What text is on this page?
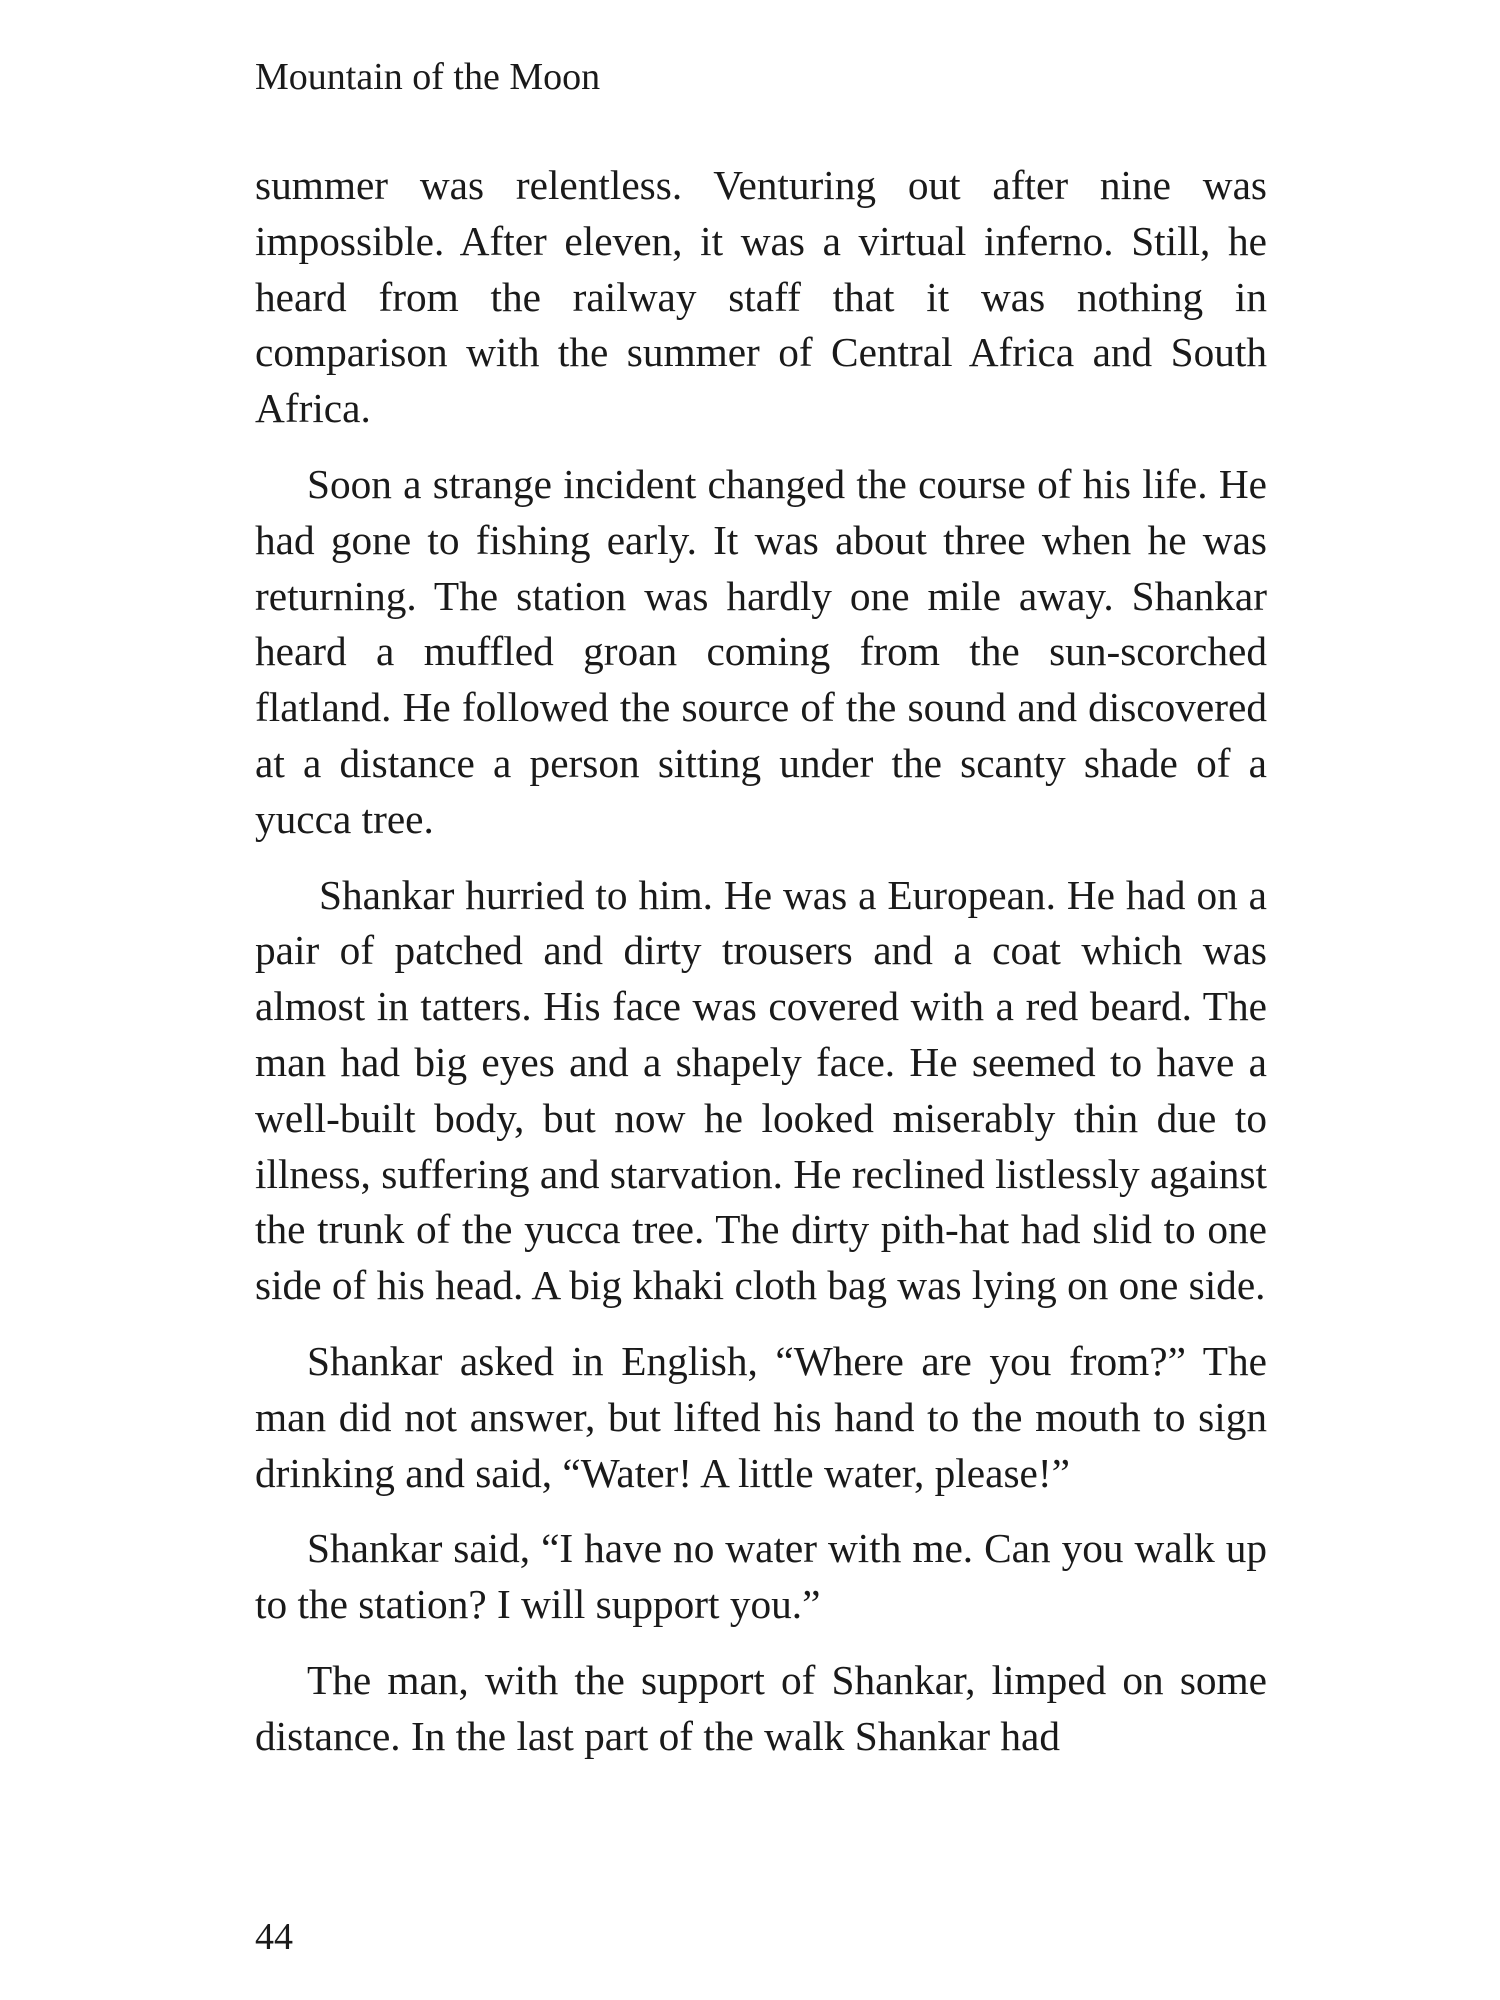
Mountain of the Moon

summer was relentless. Venturing out after nine was impossible. After eleven, it was a virtual inferno. Still, he heard from the railway staff that it was nothing in comparison with the summer of Central Africa and South Africa.

Soon a strange incident changed the course of his life. He had gone to fishing early. It was about three when he was returning. The station was hardly one mile away. Shankar heard a muffled groan coming from the sun-scorched flatland. He followed the source of the sound and discovered at a distance a person sitting under the scanty shade of a yucca tree.

Shankar hurried to him. He was a European. He had on a pair of patched and dirty trousers and a coat which was almost in tatters. His face was covered with a red beard. The man had big eyes and a shapely face. He seemed to have a well-built body, but now he looked miserably thin due to illness, suffering and starvation. He reclined listlessly against the trunk of the yucca tree. The dirty pith-hat had slid to one side of his head. A big khaki cloth bag was lying on one side.

Shankar asked in English, “Where are you from?” The man did not answer, but lifted his hand to the mouth to sign drinking and said, “Water! A little water, please!”

Shankar said, “I have no water with me. Can you walk up to the station? I will support you.”

The man, with the support of Shankar, limped on some distance. In the last part of the walk Shankar had

44
